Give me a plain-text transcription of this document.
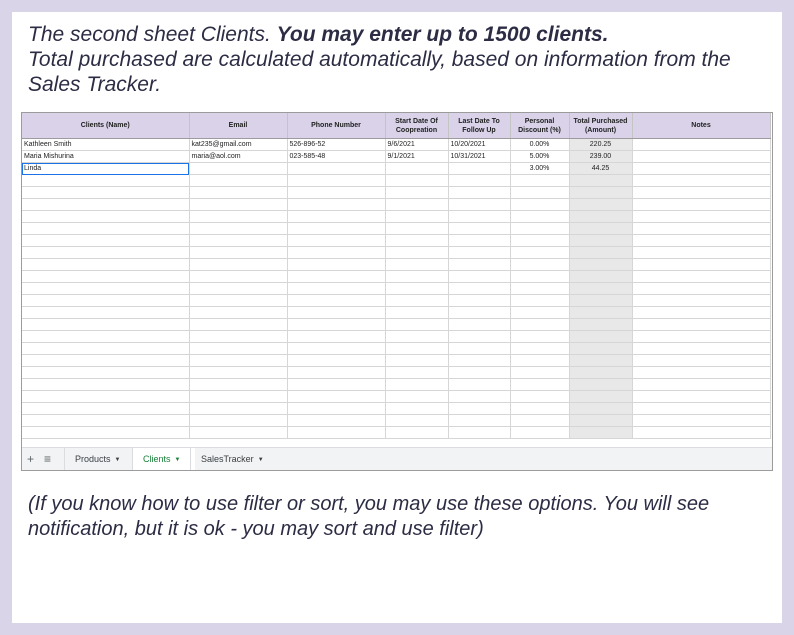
The second sheet Clients. You may enter up to 1500 clients.
Total purchased are calculated automatically, based on information from the Sales Tracker.
Clients (Name)	Email	Phone Number	Start Date Of Coopreation	Last Date To Follow Up	Personal Discount (%)	Total Purchased (Amount)	Notes
Kathleen Smith	kat235@gmail.com	526-896-52	9/6/2021	10/20/2021	0.00%	220.25	
Maria Mishurina	maria@aol.com	023-585-48	9/1/2021	10/31/2021	5.00%	239.00	
Linda					3.00%	44.25	

+ ≡	Products ▼	Clients ▼	SalesTracker ▼
(If you know how to use filter or sort, you may use these options. You will see notification, but it is ok - you may sort and use filter)
